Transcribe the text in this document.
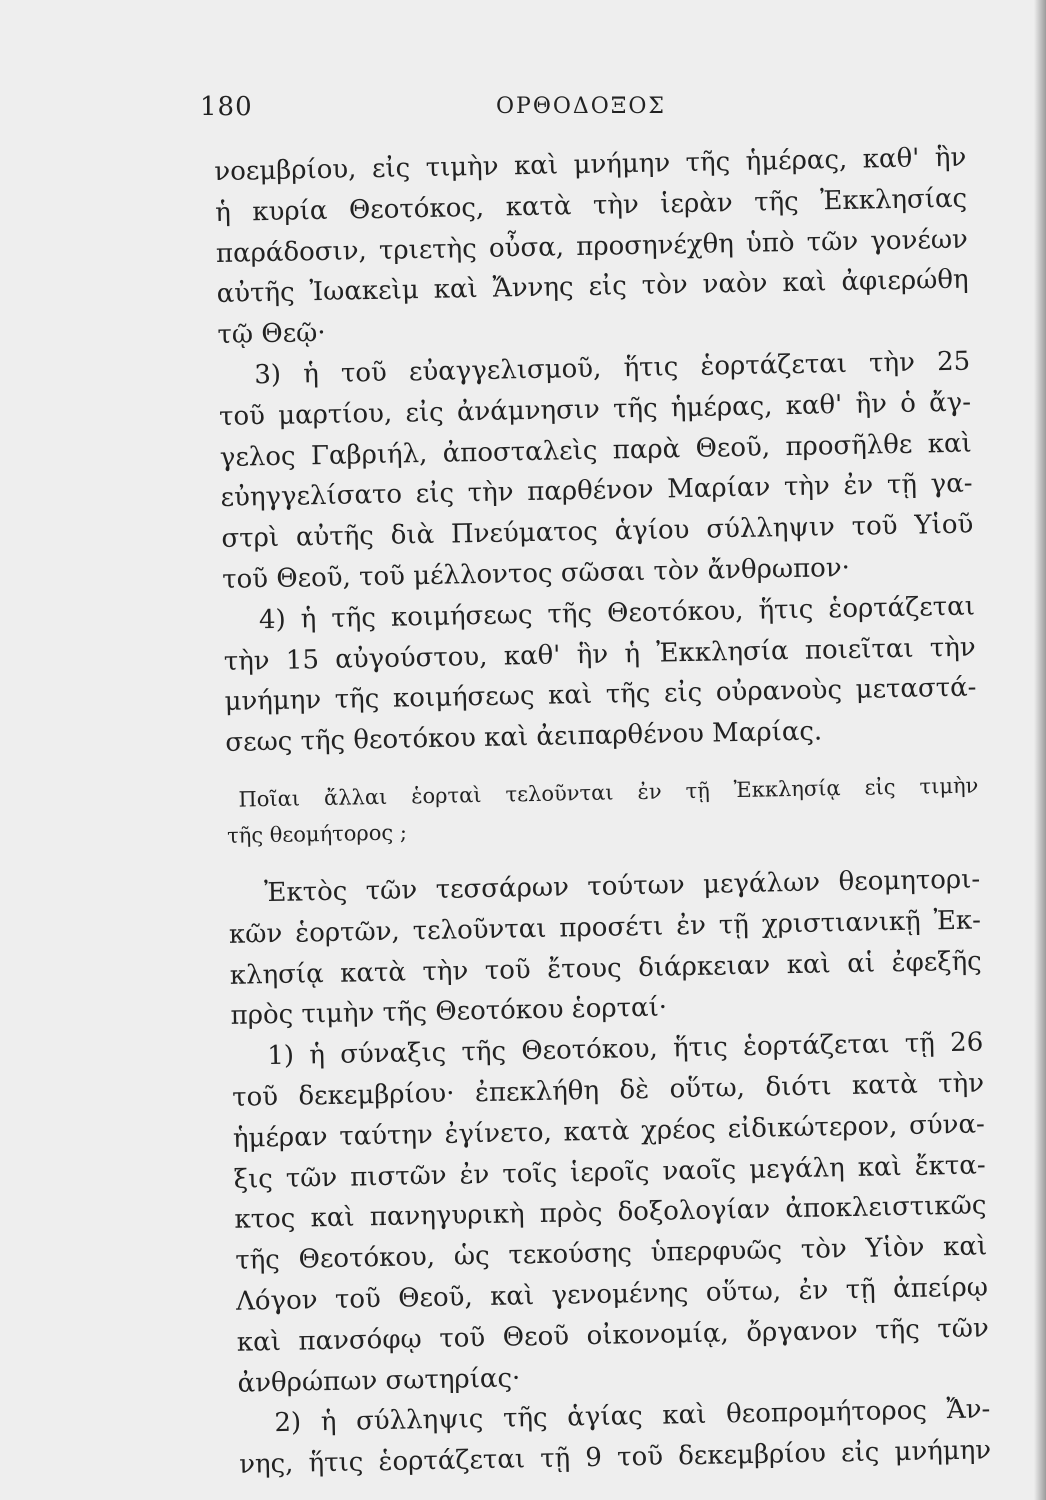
180	ΟΡΘΟΔΟΞΟΣ
νοεμβρίου, εἰς τιμὴν καὶ μνήμην τῆς ἡμέρας, καθ' ἣν
ἡ κυρία Θεοτόκος, κατὰ τὴν ἱερὰν τῆς Ἐκκλησίας
παράδοσιν, τριετὴς οὖσα, προσηνέχθη ὑπὸ τῶν γονέων
αὐτῆς Ἰωακεὶμ καὶ Ἄννης εἰς τὸν ναὸν καὶ ἀφιερώθη
τῷ Θεῷ·
3) ἡ τοῦ εὐαγγελισμοῦ, ἥτις ἑορτάζεται τὴν 25
τοῦ μαρτίου, εἰς ἀνάμνησιν τῆς ἡμέρας, καθ' ἣν ὁ ἄγ-
γελος Γαβριήλ, ἀποσταλεὶς παρὰ Θεοῦ, προσῆλθε καὶ
εὐηγγελίσατο εἰς τὴν παρθένον Μαρίαν τὴν ἐν τῇ γα-
στρὶ αὐτῆς διὰ Πνεύματος ἁγίου σύλληψιν τοῦ Υἱοῦ
τοῦ Θεοῦ, τοῦ μέλλοντος σῶσαι τὸν ἄνθρωπον·
4) ἡ τῆς κοιμήσεως τῆς Θεοτόκου, ἥτις ἑορτάζεται
τὴν 15 αὐγούστου, καθ' ἣν ἡ Ἐκκλησία ποιεῖται τὴν
μνήμην τῆς κοιμήσεως καὶ τῆς εἰς οὐρανοὺς μεταστά-
σεως τῆς θεοτόκου καὶ ἀειπαρθένου Μαρίας.
Ποῖαι ἄλλαι ἑορταὶ τελοῦνται ἐν τῇ Ἐκκλησίᾳ εἰς τιμὴν
τῆς θεομήτορος ;
Ἐκτὸς τῶν τεσσάρων τούτων μεγάλων θεομητορι-
κῶν ἑορτῶν, τελοῦνται προσέτι ἐν τῇ χριστιανικῇ Ἐκ-
κλησίᾳ κατὰ τὴν τοῦ ἔτους διάρκειαν καὶ αἱ ἐφεξῆς
πρὸς τιμὴν τῆς Θεοτόκου ἑορταί·
1) ἡ σύναξις τῆς Θεοτόκου, ἥτις ἑορτάζεται τῇ 26
τοῦ δεκεμβρίου· ἐπεκλήθη δὲ οὕτω, διότι κατὰ τὴν
ἡμέραν ταύτην ἐγίνετο, κατὰ χρέος εἰδικώτερον, σύνα-
ξις τῶν πιστῶν ἐν τοῖς ἱεροῖς ναοῖς μεγάλη καὶ ἔκτα-
κτος καὶ πανηγυρικὴ πρὸς δοξολογίαν ἀποκλειστικῶς
τῆς Θεοτόκου, ὡς τεκούσης ὑπερφυῶς τὸν Υἱὸν καὶ
Λόγον τοῦ Θεοῦ, καὶ γενομένης οὕτω, ἐν τῇ ἀπείρῳ
καὶ πανσόφῳ τοῦ Θεοῦ οἰκονομίᾳ, ὄργανον τῆς τῶν
ἀνθρώπων σωτηρίας·
2) ἡ σύλληψις τῆς ἁγίας καὶ θεοπρομήτορος Ἄν-
νης, ἥτις ἑορτάζεται τῇ 9 τοῦ δεκεμβρίου εἰς μνήμην
